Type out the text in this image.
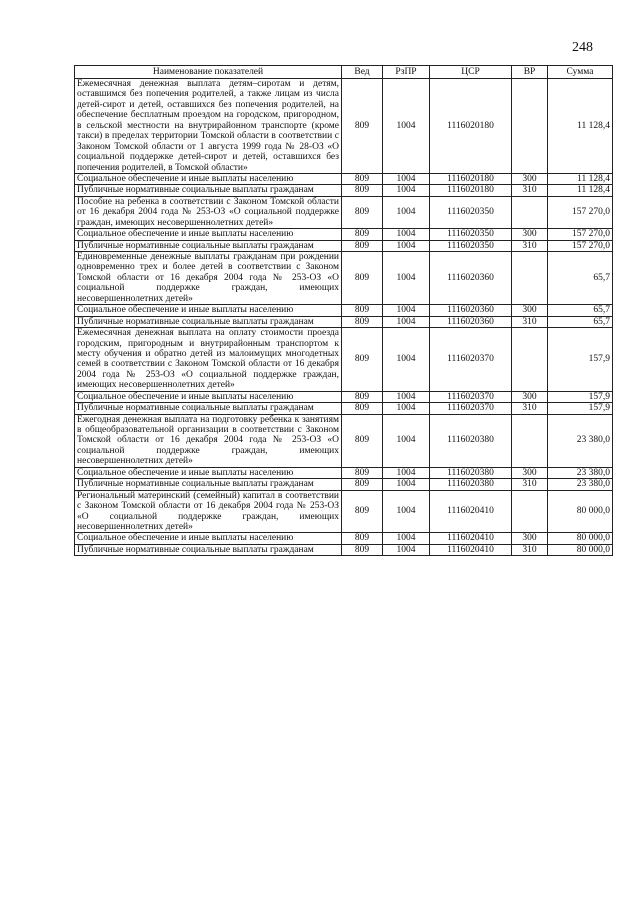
248
Наименование показателей	Вед	РзПР	ЦСР	ВР	Сумма
Ежемесячная денежная выплата детям–сиротам и детям, оставшимся без попечения родителей, а также лицам из числа детей-сирот и детей, оставшихся без попечения родителей, на обеспечение бесплатным проездом на городском, пригородном, в сельской местности на внутрирайонном транспорте (кроме такси) в пределах территории Томской области в соответствии с Законом Томской области от 1 августа 1999 года № 28-ОЗ «О социальной поддержке детей-сирот и детей, оставшихся без попечения родителей, в Томской области»	809	1004	1116020180		11 128,4
Социальное обеспечение и иные выплаты населению	809	1004	1116020180	300	11 128,4
Публичные нормативные социальные выплаты гражданам	809	1004	1116020180	310	11 128,4
Пособие на ребенка в соответствии с Законом Томской области от 16 декабря 2004 года № 253-ОЗ «О социальной поддержке граждан, имеющих несовершеннолетних детей»	809	1004	1116020350		157 270,0
Социальное обеспечение и иные выплаты населению	809	1004	1116020350	300	157 270,0
Публичные нормативные социальные выплаты гражданам	809	1004	1116020350	310	157 270,0
Единовременные денежные выплаты гражданам при рождении одновременно трех и более детей в соответствии с Законом Томской области от 16 декабря 2004 года № 253-ОЗ «О социальной поддержке граждан, имеющих несовершеннолетних детей»	809	1004	1116020360		65,7
Социальное обеспечение и иные выплаты населению	809	1004	1116020360	300	65,7
Публичные нормативные социальные выплаты гражданам	809	1004	1116020360	310	65,7
Ежемесячная денежная выплата на оплату стоимости проезда городским, пригородным и внутрирайонным транспортом к месту обучения и обратно детей из малоимущих многодетных семей в соответствии с Законом Томской области от 16 декабря 2004 года № 253-ОЗ «О социальной поддержке граждан, имеющих несовершеннолетних детей»	809	1004	1116020370		157,9
Социальное обеспечение и иные выплаты населению	809	1004	1116020370	300	157,9
Публичные нормативные социальные выплаты гражданам	809	1004	1116020370	310	157,9
Ежегодная денежная выплата на подготовку ребенка к занятиям в общеобразовательной организации в соответствии с Законом Томской области от 16 декабря 2004 года № 253-ОЗ «О социальной поддержке граждан, имеющих несовершеннолетних детей»	809	1004	1116020380		23 380,0
Социальное обеспечение и иные выплаты населению	809	1004	1116020380	300	23 380,0
Публичные нормативные социальные выплаты гражданам	809	1004	1116020380	310	23 380,0
Региональный материнский (семейный) капитал в соответствии с Законом Томской области от 16 декабря 2004 года № 253-ОЗ «О социальной поддержке граждан, имеющих несовершеннолетних детей»	809	1004	1116020410		80 000,0
Социальное обеспечение и иные выплаты населению	809	1004	1116020410	300	80 000,0
Публичные нормативные социальные выплаты гражданам	809	1004	1116020410	310	80 000,0
